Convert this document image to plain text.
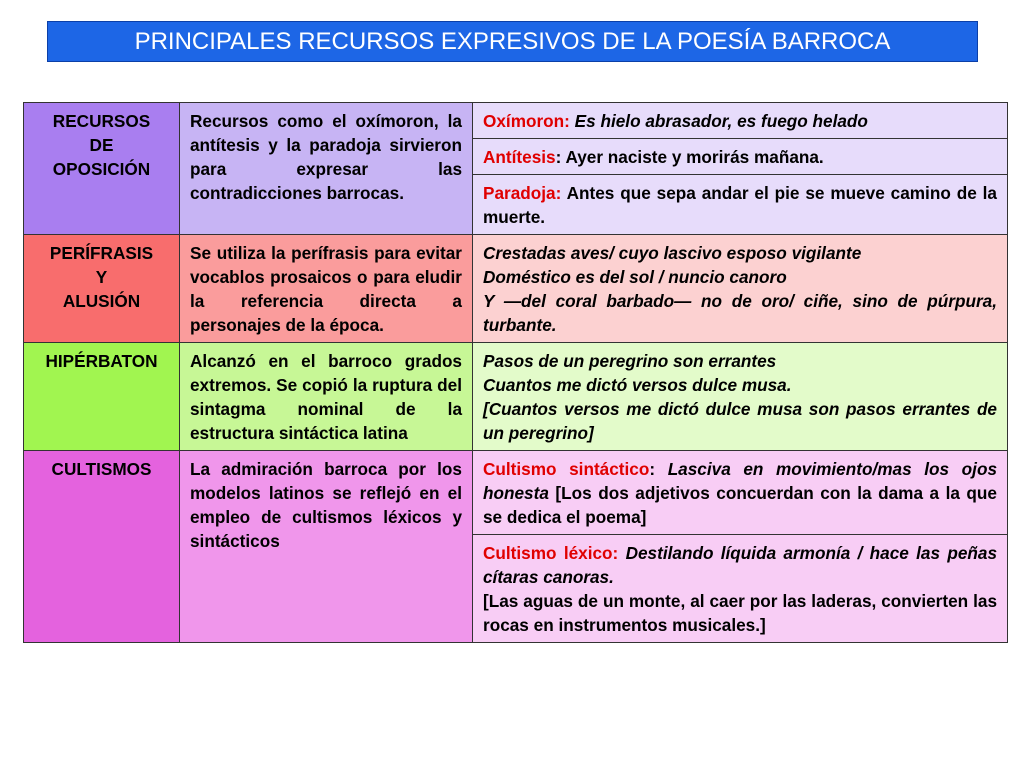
PRINCIPALES RECURSOS EXPRESIVOS DE LA POESÍA BARROCA
RECURSOS
DE
OPOSICIÓN	Recursos como el oxímoron, la antítesis y la paradoja sirvieron para expresar las contradicciones barrocas.	Oxímoron: Es hielo abrasador, es fuego helado
		Antítesis: Ayer naciste y morirás mañana.
		Paradoja: Antes que sepa andar el pie se mueve camino de la muerte.

PERÍFRASIS
Y
ALUSIÓN	Se utiliza la perífrasis para evitar vocablos prosaicos o para eludir la referencia directa a personajes de la época.	Crestadas aves/ cuyo lascivo esposo vigilante
Doméstico es del sol / nuncio canoro
Y —del coral barbado— no de oro/ ciñe, sino de púrpura, turbante.

HIPÉRBATON	Alcanzó en el barroco grados extremos. Se copió la ruptura del sintagma nominal de la estructura sintáctica latina	Pasos de un peregrino son errantes
Cuantos me dictó versos dulce musa.
[Cuantos versos me dictó dulce musa son pasos errantes de un peregrino]

CULTISMOS	La admiración barroca por los modelos latinos se reflejó en el empleo de cultismos léxicos y sintácticos	Cultismo sintáctico: Lasciva en movimiento/mas los ojos honesta [Los dos adjetivos concuerdan con la dama a la que se dedica el poema]
		Cultismo léxico: Destilando líquida armonía / hace las peñas cítaras canoras.
[Las aguas de un monte, al caer por las laderas, convierten las rocas en instrumentos musicales.]
